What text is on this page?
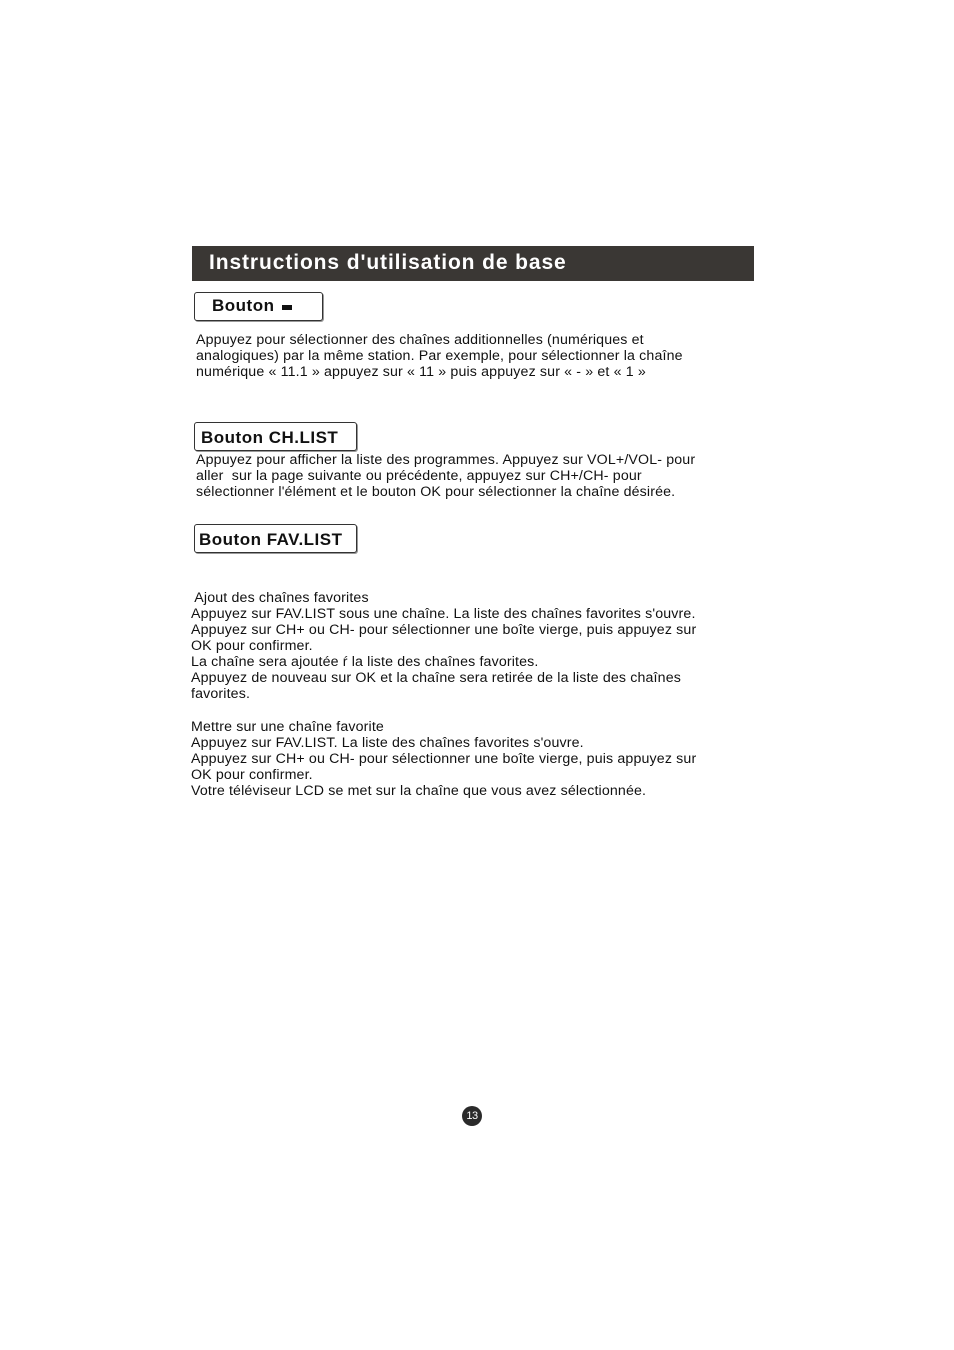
Instructions d'utilisation de base
Bouton
Appuyez pour sélectionner des chaînes additionnelles (numériques et
analogiques) par la même station. Par exemple, pour sélectionner la chaîne
numérique « 11.1 » appuyez sur « 11 » puis appuyez sur « - » et « 1 »
Bouton CH.LIST
Appuyez pour afficher la liste des programmes. Appuyez sur VOL+/VOL- pour
aller  sur la page suivante ou précédente, appuyez sur CH+/CH- pour
sélectionner l'élément et le bouton OK pour sélectionner la chaîne désirée.
Bouton FAV.LIST
Ajout des chaînes favorites
Appuyez sur FAV.LIST sous une chaîne. La liste des chaînes favorites s'ouvre.
Appuyez sur CH+ ou CH- pour sélectionner une boîte vierge, puis appuyez sur
OK pour confirmer.
La chaîne sera ajoutée ŕ la liste des chaînes favorites.
Appuyez de nouveau sur OK et la chaîne sera retirée de la liste des chaînes
favorites.
Mettre sur une chaîne favorite
Appuyez sur FAV.LIST. La liste des chaînes favorites s'ouvre.
Appuyez sur CH+ ou CH- pour sélectionner une boîte vierge, puis appuyez sur
OK pour confirmer.
Votre téléviseur LCD se met sur la chaîne que vous avez sélectionnée.
13
